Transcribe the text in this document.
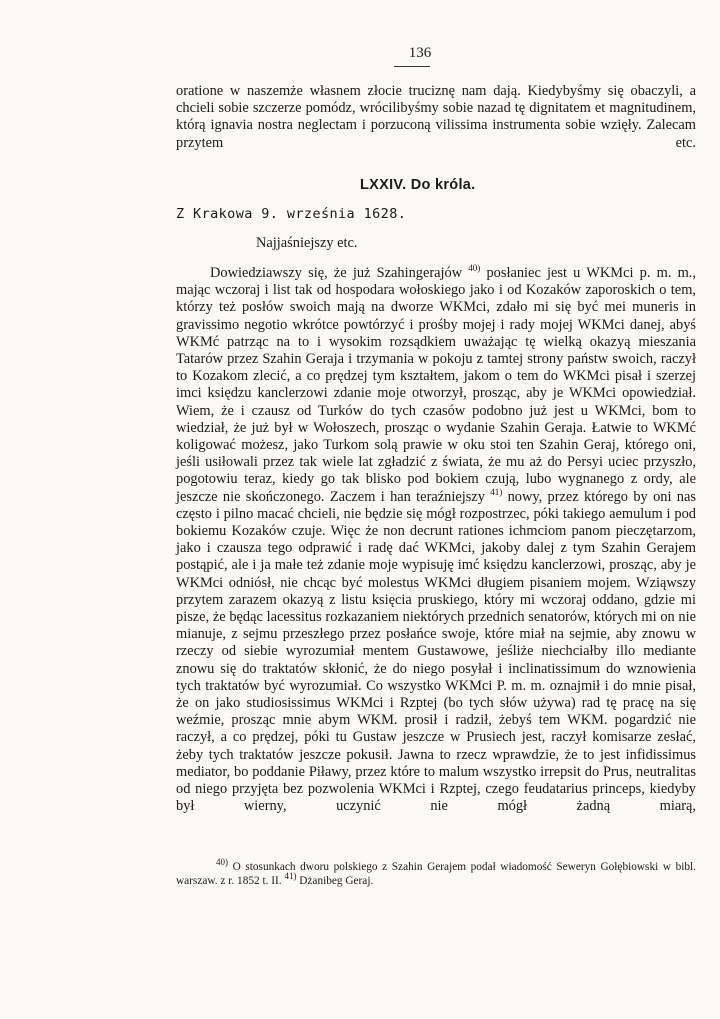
136

oratione w naszemże własnem złocie truciznę nam dają. Kiedybyśmy się obaczyli, a chcieli sobie szczerze pomódz, wrócilibyśmy sobie nazad tę dignitatem et magnitudinem, którą ignavia nostra neglectam i porzuconą vilissima instrumenta sobie wzięły. Zalecam przytem etc.

LXXIV. Do króla.
Z Krakowa 9. września 1628.
Najjaśniejszy etc.

Dowiedziawszy się, że już Szahingerajów $^{40)}$ posłaniec jest u WKMci p. m. m., mając wczoraj i list tak od hospodara wołoskiego jako i od Kozaków zaporoskich o tem, którzy też posłów swoich mają na dworze WKMci, zdało mi się być mei muneris in gravissimo negotio wkrótce powtórzyć i prośby mojej i rady mojej WKMci danej, abyś WKMć patrząc na to i wysokim rozsądkiem uważając tę wielką okazyą mieszania Tatarów przez Szahin Geraja i trzymania w pokoju z tamtej strony państw swoich, raczył to Kozakom zlecić, a co prędzej tym kształtem, jakom o tem do WKMci pisał i szerzej imci księdzu kanclerzowi zdanie moje otworzył, prosząc, aby je WKMci opowiedział. Wiem, że i czausz od Turków do tych czasów podobno już jest u WKMci, bom to wiedział, że już był w Wołoszech, prosząc o wydanie Szahin Geraja. Łatwie to WKMć koligować możesz, jako Turkom solą prawie w oku stoi ten Szahin Geraj, którego oni, jeśli usiłowali przez tak wiele lat zgładzić z świata, że mu aż do Persyi uciec przyszło, pogotowiu teraz, kiedy go tak blisko pod bokiem czują, lubo wygnanego z ordy, ale jeszcze nie skończonego. Zaczem i han teraźniejszy $^{41)}$ nowy, przez którego by oni nas często i pilno macać chcieli, nie będzie się mógł rozpostrzec, póki takiego aemulum i pod bokiemu Kozaków czuje. Więc że non decrunt rationes ichmciom panom pieczętarzom, jako i czausza tego odprawić i radę dać WKMci, jakoby dalej z tym Szahin Gerajem postąpić, ale i ja małe też zdanie moje wypisuję imć księdzu kanclerzowi, prosząc, aby je WKMci odniósł, nie chcąc być molestus WKMci długiem pisaniem mojem. Wziąwszy przytem zarazem okazyą z listu księcia pruskiego, który mi wczoraj oddano, gdzie mi pisze, że będąc lacessitus rozkazaniem niektórych przednich senatorów, których mi on nie mianuje, z sejmu przeszłego przez posłańce swoje, które miał na sejmie, aby znowu w rzeczy od siebie wyrozumiał mentem Gustawowe, jeśliże niechciałby illo mediante znowu się do traktatów skłonić, że do niego posyłał i inclinatissimum do wznowienia tych traktatów być wyrozumiał. Co wszystko WKMci P. m. m. oznajmił i do mnie pisał, że on jako studiosissimus WKMci i Rzptej (bo tych słów używa) rad tę pracę na się weźmie, prosząc mnie abym WKM. prosił i radził, żebyś tem WKM. pogardzić nie raczył, a co prędzej, póki tu Gustaw jeszcze w Prusiech jest, raczył komisarze zesłać, żeby tych traktatów jeszcze pokusił. Jawna to rzecz wprawdzie, że to jest infidissimus mediator, bo poddanie Piławy, przez które to malum wszystko irrepsit do Prus, neutralitas od niego przyjęta bez pozwolenia WKMci i Rzptej, czego feudatarius princeps, kiedyby był wierny, uczynić nie mógł żadną miarą,

$^{40)}$ O stosunkach dworu polskiego z Szahin Gerajem podał wiadomość Seweryn Gołębiowski w bibl. warszaw. z r. 1852 t. II. $^{41)}$ Dżanibeg Geraj.
